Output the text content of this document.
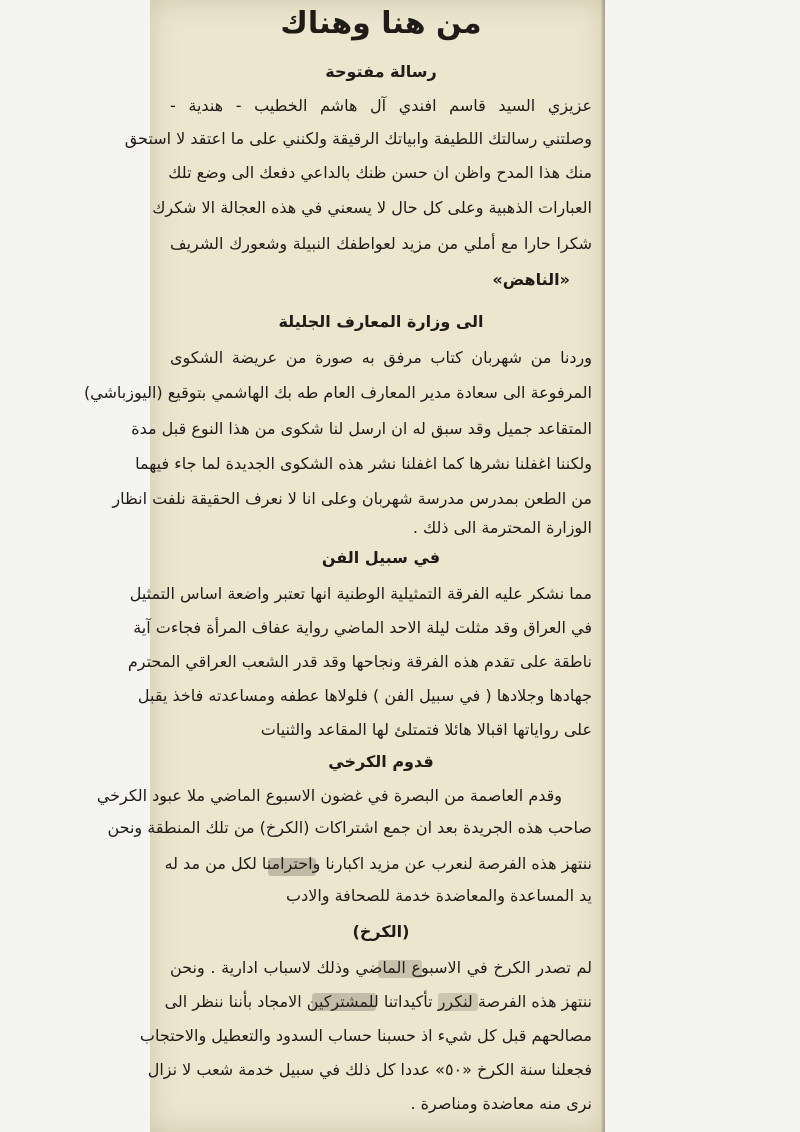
من هنا وهناك
رسالة مفتوحة
عزيزي السيد قاسم افندي آل هاشم الخطيب - هندية -
وصلتني رسالتك اللطيفة وابياتك الرقيقة ولكنني على ما اعتقد لا استحق
منك هذا المدح واظن ان حسن ظنك بالداعي دفعك الى وضع تلك
العبارات الذهبية وعلى كل حال لا يسعني في هذه العجالة الا شكرك
شكرا حارا مع أملي من مزيد لعواطفك النبيلة وشعورك الشريف
«الناهض»
الى وزارة المعارف الجليلة
وردنا من شهربان كتاب مرفق به صورة من عريضة الشكوى
المرفوعة الى سعادة مدير المعارف العام طه بك الهاشمي بتوقيع (اليوزباشي)
المتقاعد جميل وقد سبق له ان ارسل لنا شكوى من هذا النوع قبل مدة
ولكننا اغفلنا نشرها كما اغفلنا نشر هذه الشكوى الجديدة لما جاء فيهما
من الطعن بمدرس مدرسة شهربان وعلى انا لا نعرف الحقيقة نلفت انظار
الوزارة المحترمة الى ذلك .
في سبيل الفن
مما نشكر عليه الفرقة التمثيلية الوطنية انها تعتبر واضعة اساس التمثيل
في العراق وقد مثلت ليلة الاحد الماضي رواية عفاف المرأة فجاءت آية
ناطقة على تقدم هذه الفرقة ونجاحها وقد قدر الشعب العراقي المحترم
جهادها وجلادها ( في سبيل الفن ) فلولاها عطفه ومساعدته فاخذ يقبل
على رواياتها اقبالا هائلا فتمتلئ لها المقاعد والثنيات
قدوم الكرخي
وقدم العاصمة من البصرة في غضون الاسبوع الماضي ملا عبود الكرخي
صاحب هذه الجريدة بعد ان جمع اشتراكات (الكرخ) من تلك المنطقة ونحن
ننتهز هذه الفرصة لنعرب عن مزيد اكبارنا واحترامنا لكل من مد له
يد المساعدة والمعاضدة خدمة للصحافة والادب
(الكرخ)
لم تصدر الكرخ في الاسبوع الماضي وذلك لاسباب ادارية . ونحن
ننتهز هذه الفرصة لنكرر تأكيداتنا للمشتركين الامجاد بأننا ننظر الى
مصالحهم قبل كل شيء اذ حسبنا حساب السدود والتعطيل والاحتجاب
فجعلنا سنة الكرخ «٥٠» عددا كل ذلك في سبيل خدمة شعب لا نزال
نرى منه معاضدة ومناصرة .
